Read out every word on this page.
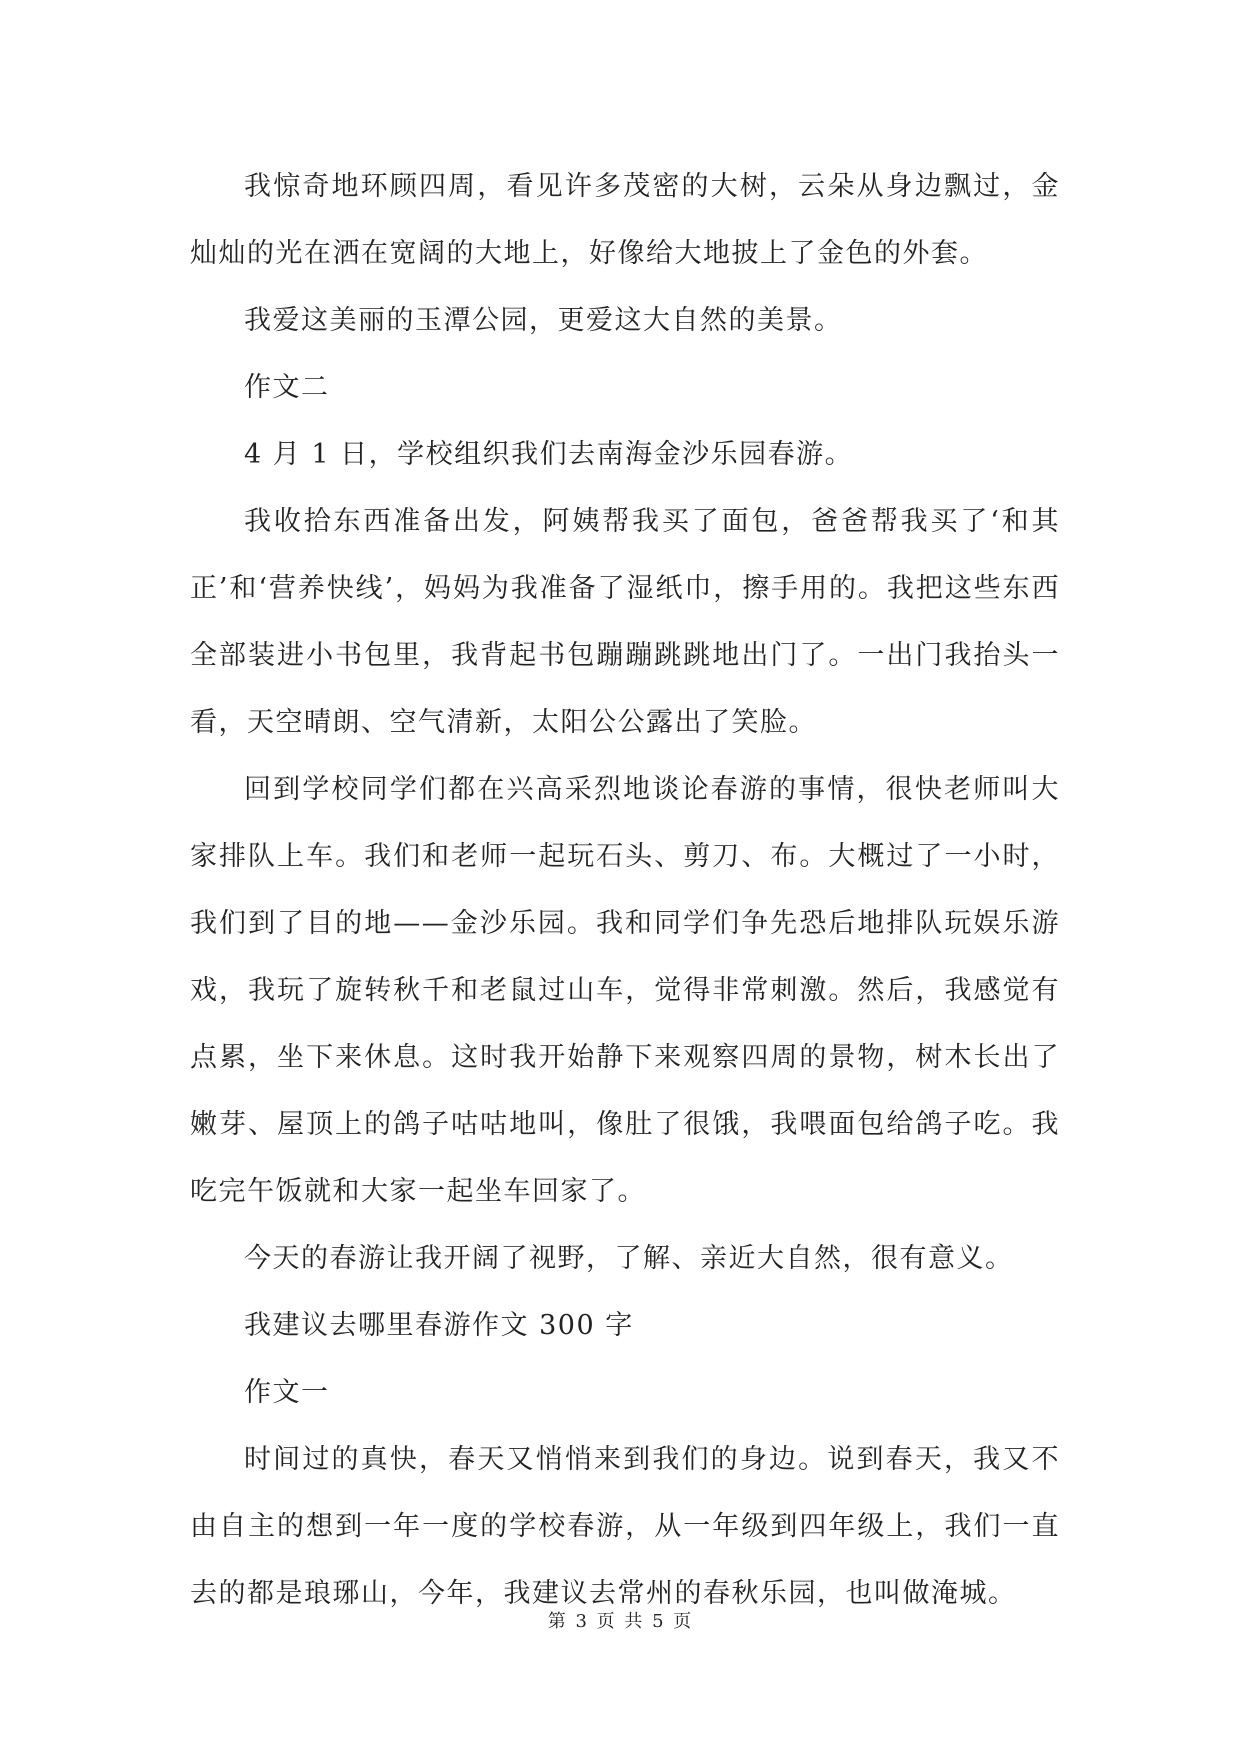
我惊奇地环顾四周，看见许多茂密的大树，云朵从身边飘过，金灿灿的光在洒在宽阔的大地上，好像给大地披上了金色的外套。

我爱这美丽的玉潭公园，更爱这大自然的美景。

作文二

4 月 1 日，学校组织我们去南海金沙乐园春游。

我收拾东西准备出发，阿姨帮我买了面包，爸爸帮我买了‘和其正’和‘营养快线’，妈妈为我准备了湿纸巾，擦手用的。我把这些东西全部装进小书包里，我背起书包蹦蹦跳跳地出门了。一出门我抬头一看，天空晴朗、空气清新，太阳公公露出了笑脸。

回到学校同学们都在兴高采烈地谈论春游的事情，很快老师叫大家排队上车。我们和老师一起玩石头、剪刀、布。大概过了一小时，我们到了目的地——金沙乐园。我和同学们争先恐后地排队玩娱乐游戏，我玩了旋转秋千和老鼠过山车，觉得非常刺激。然后，我感觉有点累，坐下来休息。这时我开始静下来观察四周的景物，树木长出了嫩芽、屋顶上的鸽子咕咕地叫，像肚了很饿，我喂面包给鸽子吃。我吃完午饭就和大家一起坐车回家了。

今天的春游让我开阔了视野，了解、亲近大自然，很有意义。

我建议去哪里春游作文 300 字

作文一

时间过的真快，春天又悄悄来到我们的身边。说到春天，我又不由自主的想到一年一度的学校春游，从一年级到四年级上，我们一直去的都是琅琊山，今年，我建议去常州的春秋乐园，也叫做淹城。

第 3 页 共 5 页
